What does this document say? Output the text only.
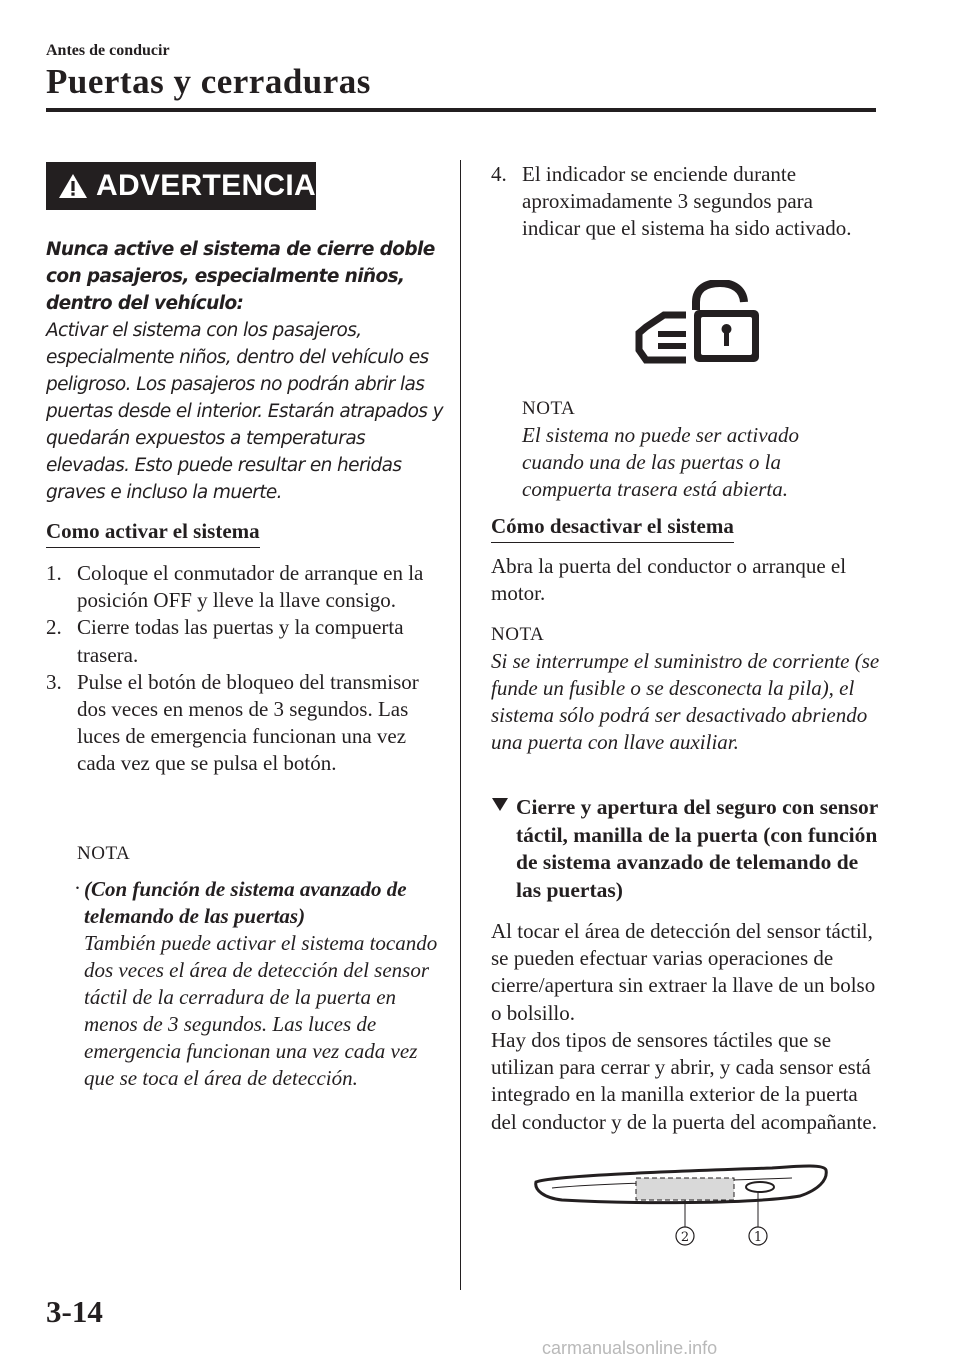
Antes de conducir
Puertas y cerraduras
ADVERTENCIA
Nunca active el sistema de cierre doble con pasajeros, especialmente niños, dentro del vehículo:
Activar el sistema con los pasajeros, especialmente niños, dentro del vehículo es peligroso. Los pasajeros no podrán abrir las puertas desde el interior. Estarán atrapados y quedarán expuestos a temperaturas elevadas. Esto puede resultar en heridas graves e incluso la muerte.
Como activar el sistema
1. Coloque el conmutador de arranque en la posición OFF y lleve la llave consigo.
2. Cierre todas las puertas y la compuerta trasera.
3. Pulse el botón de bloqueo del transmisor dos veces en menos de 3 segundos. Las luces de emergencia funcionan una vez cada vez que se pulsa el botón.
NOTA
· (Con función de sistema avanzado de telemando de las puertas)
También puede activar el sistema tocando dos veces el área de detección del sensor táctil de la cerradura de la puerta en menos de 3 segundos. Las luces de emergencia funcionan una vez cada vez que se toca el área de detección.
4. El indicador se enciende durante aproximadamente 3 segundos para indicar que el sistema ha sido activado.
NOTA
El sistema no puede ser activado cuando una de las puertas o la compuerta trasera está abierta.
Cómo desactivar el sistema
Abra la puerta del conductor o arranque el motor.
NOTA
Si se interrumpe el suministro de corriente (se funde un fusible o se desconecta la pila), el sistema sólo podrá ser desactivado abriendo una puerta con llave auxiliar.
Cierre y apertura del seguro con sensor táctil, manilla de la puerta (con función de sistema avanzado de telemando de las puertas)
Al tocar el área de detección del sensor táctil, se pueden efectuar varias operaciones de cierre/apertura sin extraer la llave de un bolso o bolsillo.
Hay dos tipos de sensores táctiles que se utilizan para cerrar y abrir, y cada sensor está integrado en la manilla exterior de la puerta del conductor y de la puerta del acompañante.
2	1
3-14
carmanualsonline.info
